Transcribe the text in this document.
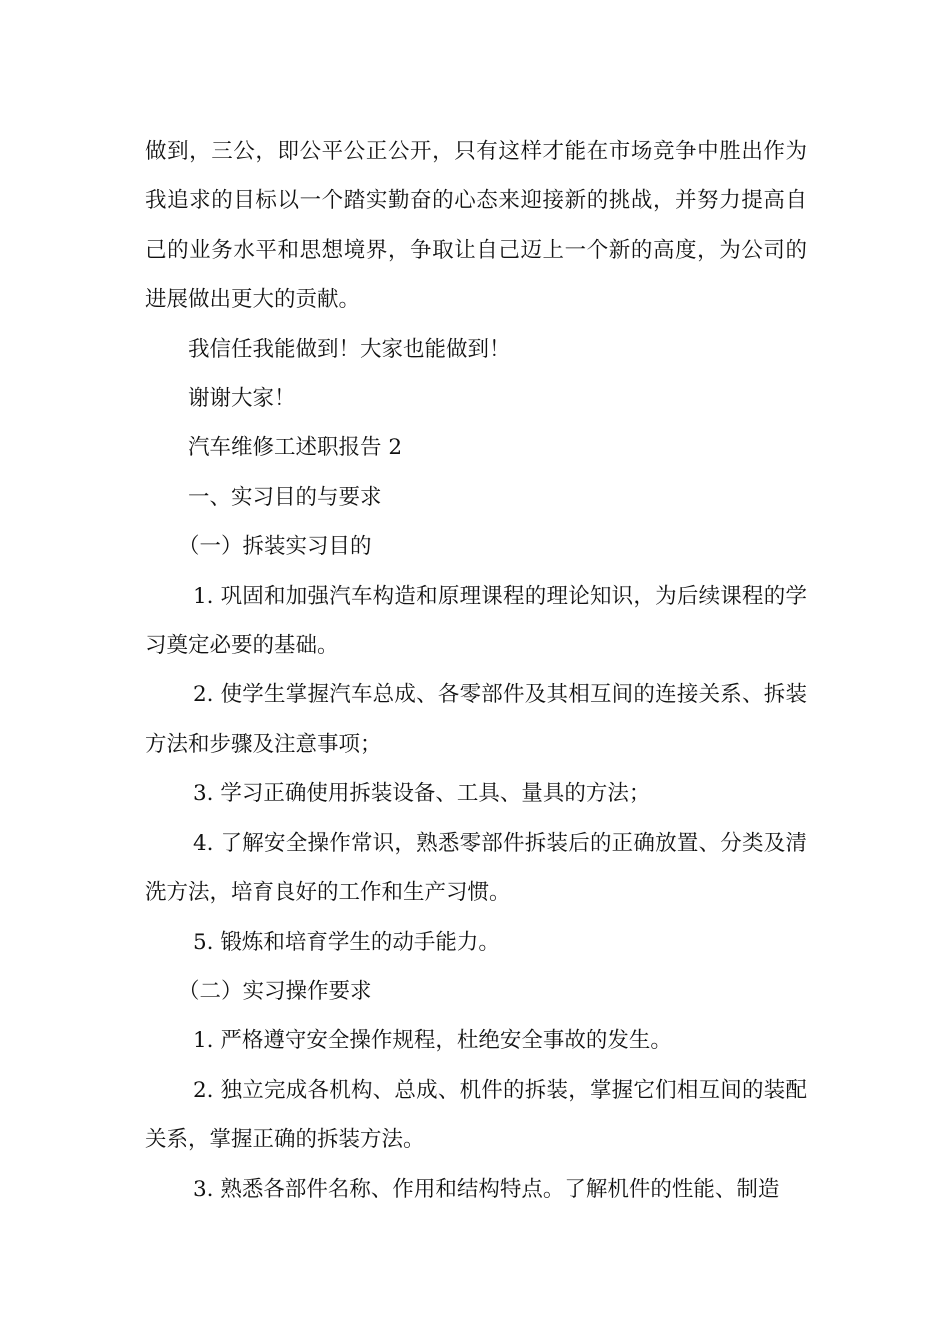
做到，三公，即公平公正公开，只有这样才能在市场竞争中胜出作为我追求的目标以一个踏实勤奋的心态来迎接新的挑战，并努力提高自己的业务水平和思想境界，争取让自己迈上一个新的高度，为公司的进展做出更大的贡献。

我信任我能做到！大家也能做到！

谢谢大家！

汽车维修工述职报告 2

一、实习目的与要求

（一）拆装实习目的

1. 巩固和加强汽车构造和原理课程的理论知识，为后续课程的学习奠定必要的基础。

2. 使学生掌握汽车总成、各零部件及其相互间的连接关系、拆装方法和步骤及注意事项；

3. 学习正确使用拆装设备、工具、量具的方法；

4. 了解安全操作常识，熟悉零部件拆装后的正确放置、分类及清洗方法，培育良好的工作和生产习惯。

5. 锻炼和培育学生的动手能力。

（二）实习操作要求

1. 严格遵守安全操作规程，杜绝安全事故的发生。

2. 独立完成各机构、总成、机件的拆装，掌握它们相互间的装配关系，掌握正确的拆装方法。

3. 熟悉各部件名称、作用和结构特点。了解机件的性能、制造
